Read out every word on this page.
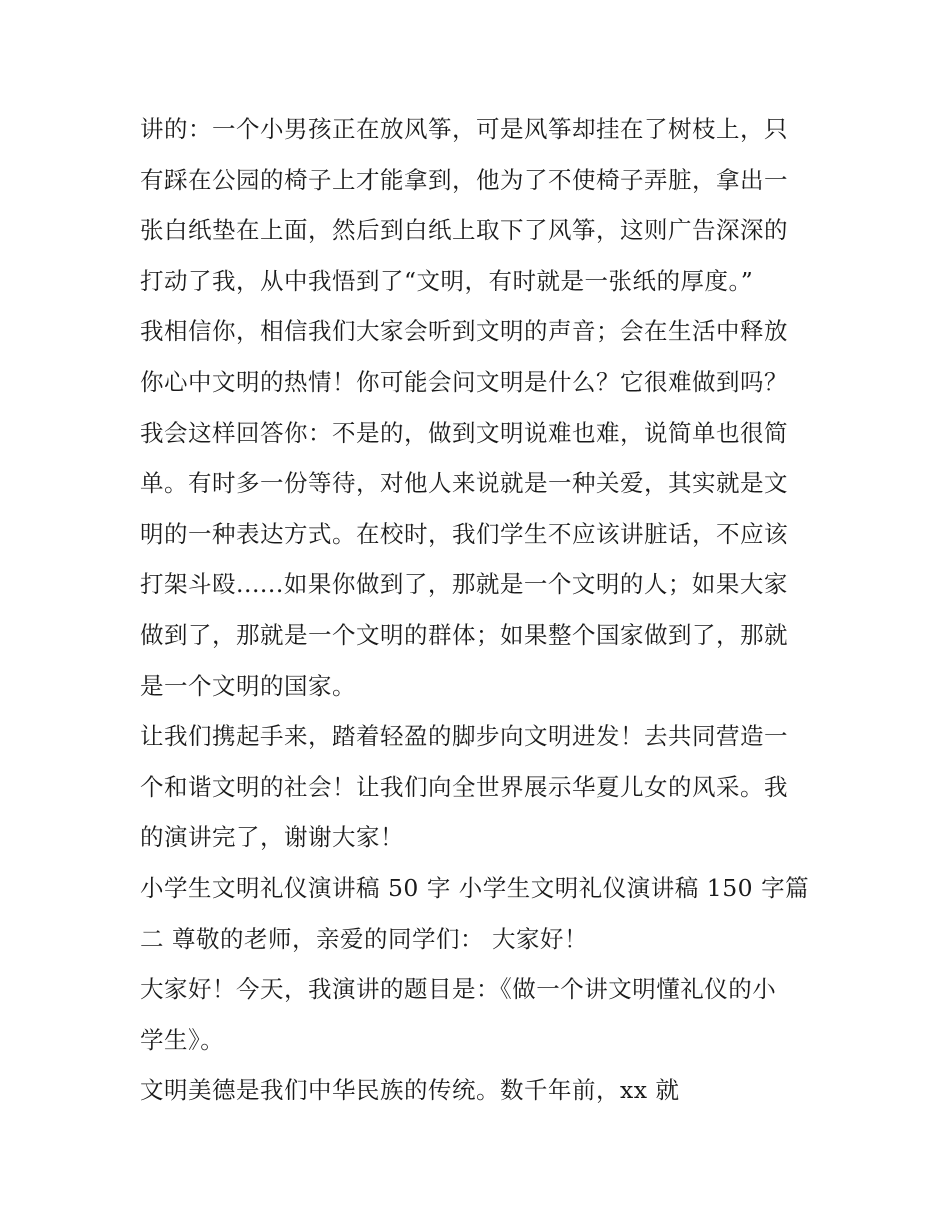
讲的：一个小男孩正在放风筝，可是风筝却挂在了树枝上，只
有踩在公园的椅子上才能拿到，他为了不使椅子弄脏，拿出一
张白纸垫在上面，然后到白纸上取下了风筝，这则广告深深的
打动了我，从中我悟到了“文明，有时就是一张纸的厚度。”
我相信你，相信我们大家会听到文明的声音；会在生活中释放
你心中文明的热情！你可能会问文明是什么？它很难做到吗？
我会这样回答你：不是的，做到文明说难也难，说简单也很简
单。有时多一份等待，对他人来说就是一种关爱，其实就是文
明的一种表达方式。在校时，我们学生不应该讲脏话，不应该
打架斗殴......如果你做到了，那就是一个文明的人；如果大家
做到了，那就是一个文明的群体；如果整个国家做到了，那就
是一个文明的国家。
让我们携起手来，踏着轻盈的脚步向文明进发！去共同营造一
个和谐文明的社会！让我们向全世界展示华夏儿女的风采。我
的演讲完了，谢谢大家！
小学生文明礼仪演讲稿 50 字 小学生文明礼仪演讲稿 150 字篇
二 尊敬的老师，亲爱的同学们： 大家好！
大家好！今天，我演讲的题目是：《做一个讲文明懂礼仪的小
学生》。
文明美德是我们中华民族的传统。数千年前，xx 就
